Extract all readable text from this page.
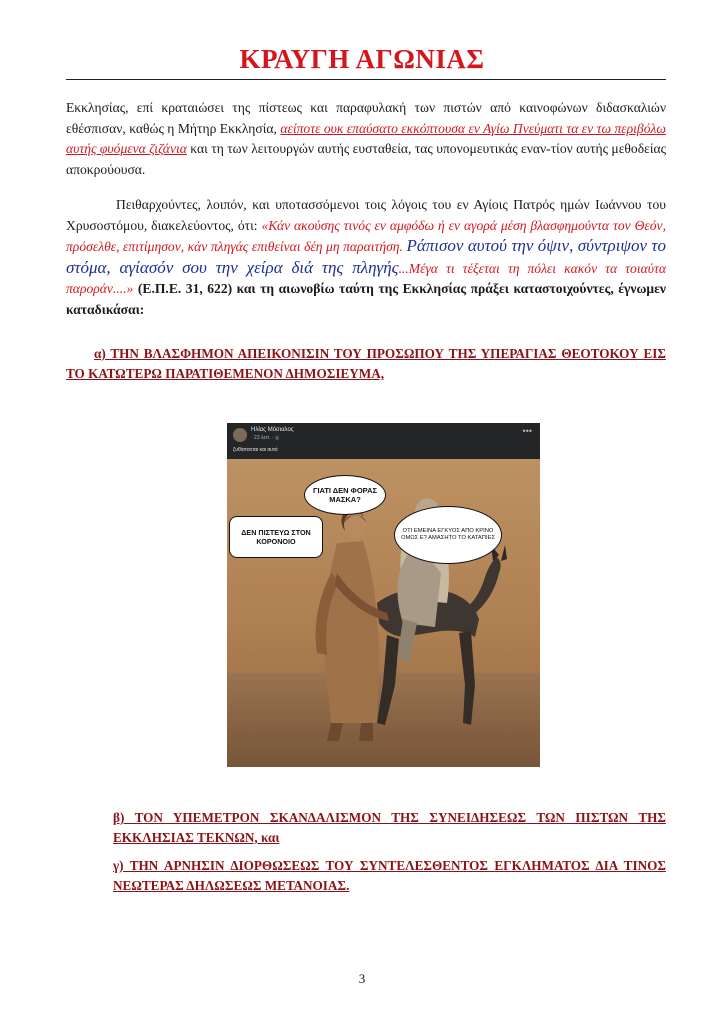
ΚΡΑΥΓΗ ΑΓΩΝΙΑΣ

Εκκλησίας, επί κραταιώσει της πίστεως και παραφυλακή των πιστών από καινοφώνων διδασκαλιών εθέσπισαν, καθώς η Μήτηρ Εκκλησία, αείποτε ουκ επαύσατο εκκόπτουσα εν Αγίω Πνεύματι τα εν τω περιβόλω αυτής φυόμενα ζιζάνια και τη των λειτουργών αυτής ευσταθεία, τας υπονομευτικάς εναν-τίον αυτής μεθοδείας αποκρούουσα.

Πειθαρχούντες, λοιπόν, και υποτασσόμενοι τοις λόγοις του εν Αγίοις Πατρός ημών Ιωάννου του Χρυσοστόμου, διακελεύοντος, ότι: «Κάν ακούσης τινός εν αμφόδω ή εν αγορά μέση βλασφημούντα τον Θεόν, πρόσελθε, επιτίμησον, κάν πληγάς επιθείναι δέη μη παραιτήση. Ράπισον αυτού την όψιν, σύντριψον το στόμα, αγίασόν σου την χείρα διά της πληγής...Μέγα τι τέξεται τη πόλει κακόν τα τοιαύτα παροράν....» (Ε.Π.Ε. 31, 622) και τη αιωνοβίω ταύτη της Εκκλησίας πράξει καταστοιχούντες, έγνωμεν καταδικάσαι:

α) ΤΗΝ ΒΛΑΣΦΗΜΟΝ ΑΠΕΙΚΟΝΙΣΙΝ ΤΟΥ ΠΡΟΣΩΠΟΥ ΤΗΣ ΥΠΕΡΑΓΙΑΣ ΘΕΟΤΟΚΟΥ ΕΙΣ ΤΟ ΚΑΤΩΤΕΡΩ ΠΑΡΑΤΙΘΕΜΕΝΟΝ ΔΗΜΟΣΙΕΥΜΑ,

Ηλίας Μόσιαλος
· 23 λεπ. · ◎
•••
ζυθίστανται και αυτό
ΓΙΑΤΙ ΔΕΝ ΦΟΡΑΣ ΜΑΣΚΑ?
ΔΕΝ ΠΙΣΤΕΥΩ ΣΤΟΝ ΚΟΡΟΝΟΙΟ
ΟΤΙ ΕΜΕΙΝΑ ΕΓΚΥΟΣ ΑΠΟ ΚΡΙΝΟ ΟΜΩΣ Ε? ΑΜΑΣΗΤΟ ΤΟ ΚΑΤΑΠΙΕΣ

β) ΤΟΝ ΥΠΕΜΕΤΡΟΝ ΣΚΑΝΔΑΛΙΣΜΟΝ ΤΗΣ ΣΥΝΕΙΔΗΣΕΩΣ ΤΩΝ ΠΙΣΤΩΝ ΤΗΣ ΕΚΚΛΗΣΙΑΣ ΤΕΚΝΩΝ, και

γ) ΤΗΝ ΑΡΝΗΣΙΝ ΔΙΟΡΘΩΣΕΩΣ ΤΟΥ ΣΥΝΤΕΛΕΣΘΕΝΤΟΣ ΕΓΚΛΗΜΑΤΟΣ ΔΙΑ ΤΙΝΟΣ ΝΕΩΤΕΡΑΣ ΔΗΛΩΣΕΩΣ ΜΕΤΑΝΟΙΑΣ.

3
